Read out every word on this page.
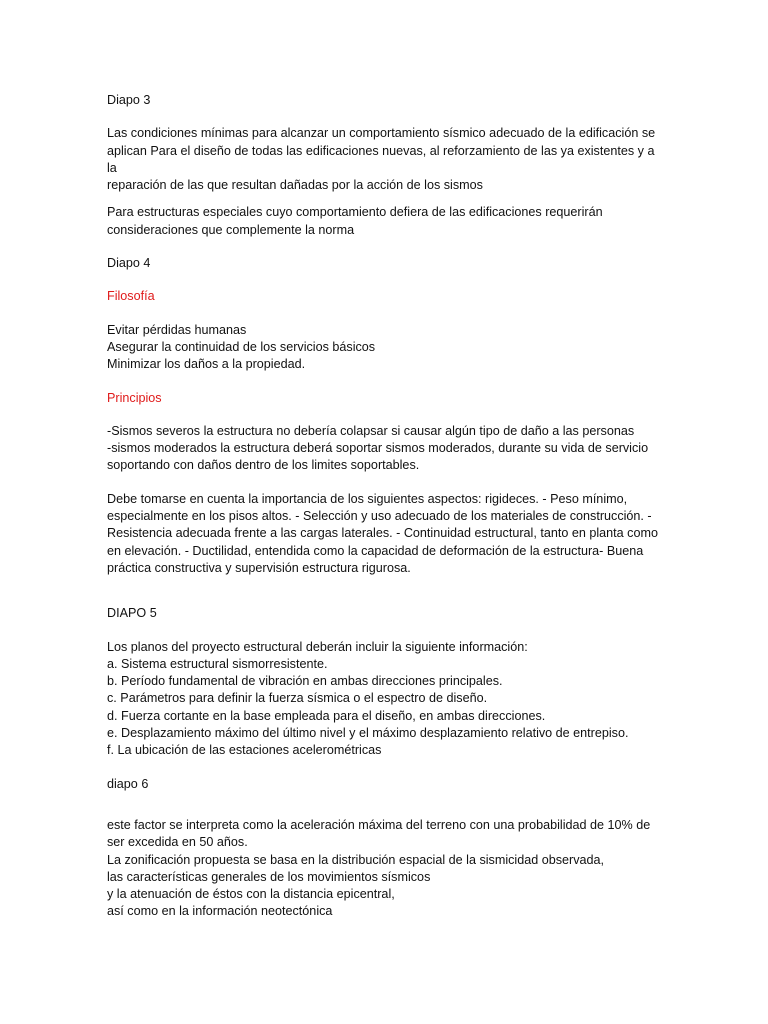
Diapo 3

Las condiciones mínimas para alcanzar un comportamiento sísmico adecuado de la edificación se
aplican Para el diseño de todas las edificaciones nuevas, al reforzamiento de las ya existentes y a la
reparación de las que resultan dañadas por la acción de los sismos

Para estructuras especiales cuyo comportamiento defiera de las edificaciones requerirán
consideraciones que complemente la norma

Diapo 4

Filosofía

Evitar pérdidas humanas
Asegurar la continuidad de los servicios básicos
Minimizar los daños a la propiedad.

Principios

-Sismos severos la estructura no debería colapsar si causar algún tipo de daño a las personas
-sismos moderados la estructura deberá soportar sismos moderados, durante su vida de servicio
soportando con daños dentro de los limites soportables.

Debe tomarse en cuenta la importancia de los siguientes aspectos: rigideces. - Peso mínimo,
especialmente en los pisos altos. - Selección y uso adecuado de los materiales de construcción. -
Resistencia adecuada frente a las cargas laterales. - Continuidad estructural, tanto en planta como
en elevación. - Ductilidad, entendida como la capacidad de deformación de la estructura- Buena
práctica constructiva y supervisión estructura rigurosa.

DIAPO 5

Los planos del proyecto estructural deberán incluir la siguiente información:

a. Sistema estructural sismorresistente.
b. Período fundamental de vibración en ambas direcciones principales.
c. Parámetros para definir la fuerza sísmica o el espectro de diseño.
d. Fuerza cortante en la base empleada para el diseño, en ambas direcciones.
e. Desplazamiento máximo del último nivel y el máximo desplazamiento relativo de entrepiso.
f. La ubicación de las estaciones acelerométricas

diapo 6

este factor se interpreta como la aceleración máxima del terreno con una probabilidad de 10% de
ser excedida en 50 años.
La zonificación propuesta se basa en la distribución espacial de la sismicidad observada,
las características generales de los movimientos sísmicos
y la atenuación de éstos con la distancia epicentral,
así como en la información neotectónica
